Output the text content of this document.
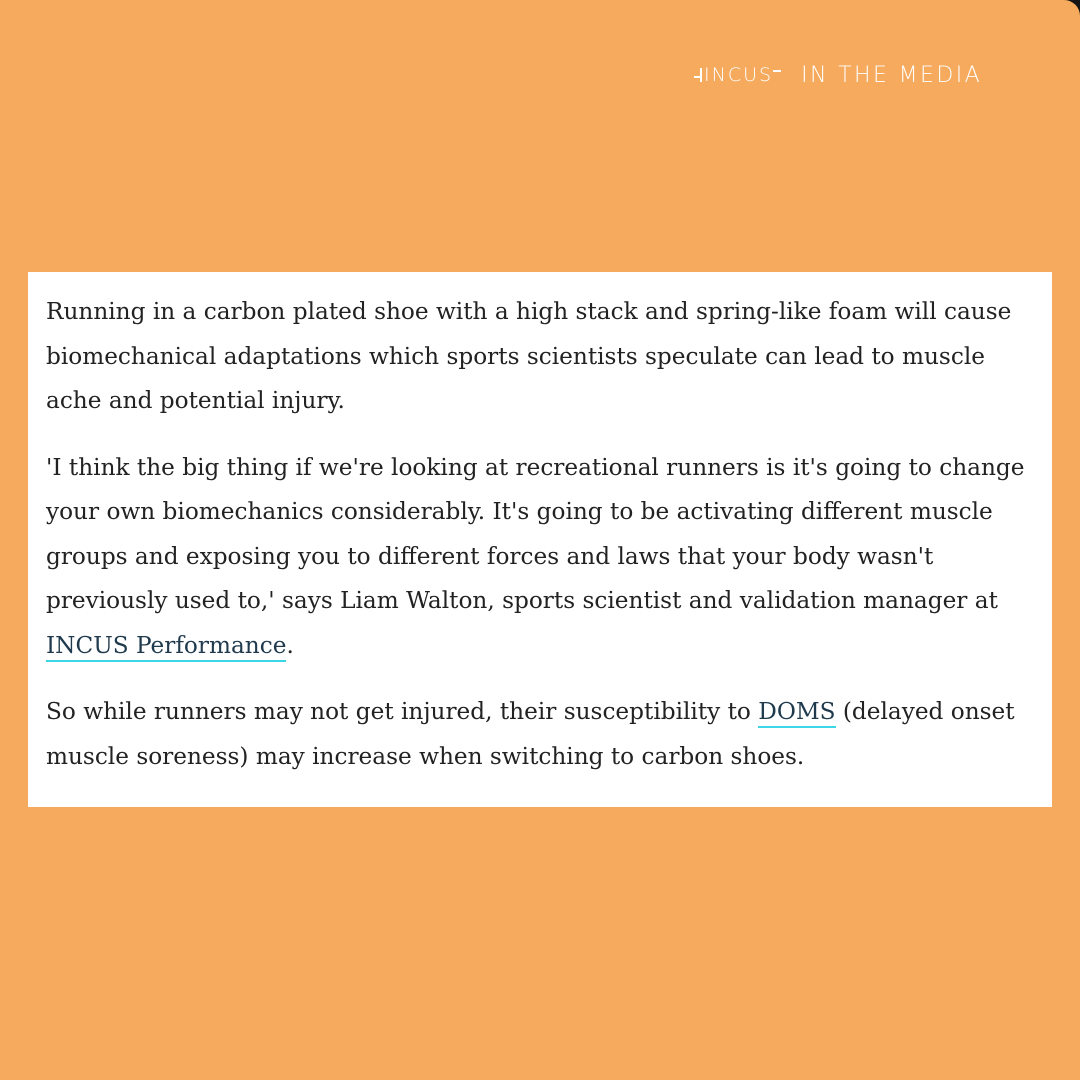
INCUS IN THE MEDIA

Running in a carbon plated shoe with a high stack and spring-like foam will cause biomechanical adaptations which sports scientists speculate can lead to muscle ache and potential injury.

'I think the big thing if we're looking at recreational runners is it's going to change your own biomechanics considerably. It's going to be activating different muscle groups and exposing you to different forces and laws that your body wasn't previously used to,' says Liam Walton, sports scientist and validation manager at INCUS Performance.

So while runners may not get injured, their susceptibility to DOMS (delayed onset muscle soreness) may increase when switching to carbon shoes.
